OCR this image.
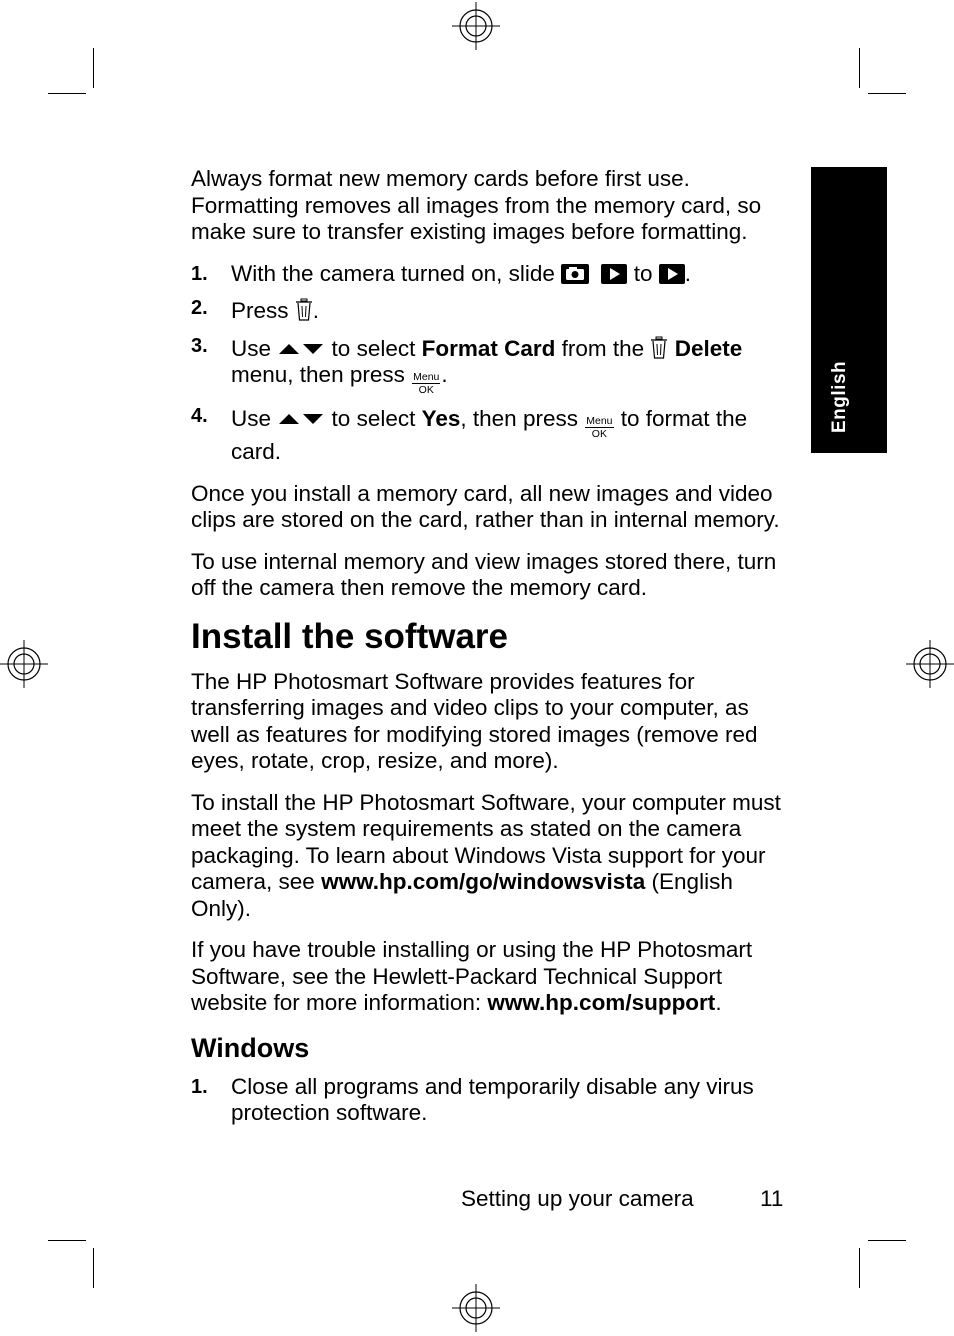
English

Always format new memory cards before first use. Formatting removes all images from the memory card, so make sure to transfer existing images before formatting.

1. With the camera turned on, slide	to .
2. Press .
3. Use	to select Format Card from the Delete menu, then press Menu
OK
.
4. Use	to select Yes, then press Menu
OK
to format the card.

Once you install a memory card, all new images and video clips are stored on the card, rather than in internal memory.

To use internal memory and view images stored there, turn off the camera then remove the memory card.

Install the software

The HP Photosmart Software provides features for transferring images and video clips to your computer, as well as features for modifying stored images (remove red eyes, rotate, crop, resize, and more).

To install the HP Photosmart Software, your computer must meet the system requirements as stated on the camera packaging. To learn about Windows Vista support for your camera, see www.hp.com/go/windowsvista (English Only).

If you have trouble installing or using the HP Photosmart Software, see the Hewlett-Packard Technical Support website for more information: www.hp.com/support.

Windows
1. Close all programs and temporarily disable any virus protection software.
Setting up your camera	11
